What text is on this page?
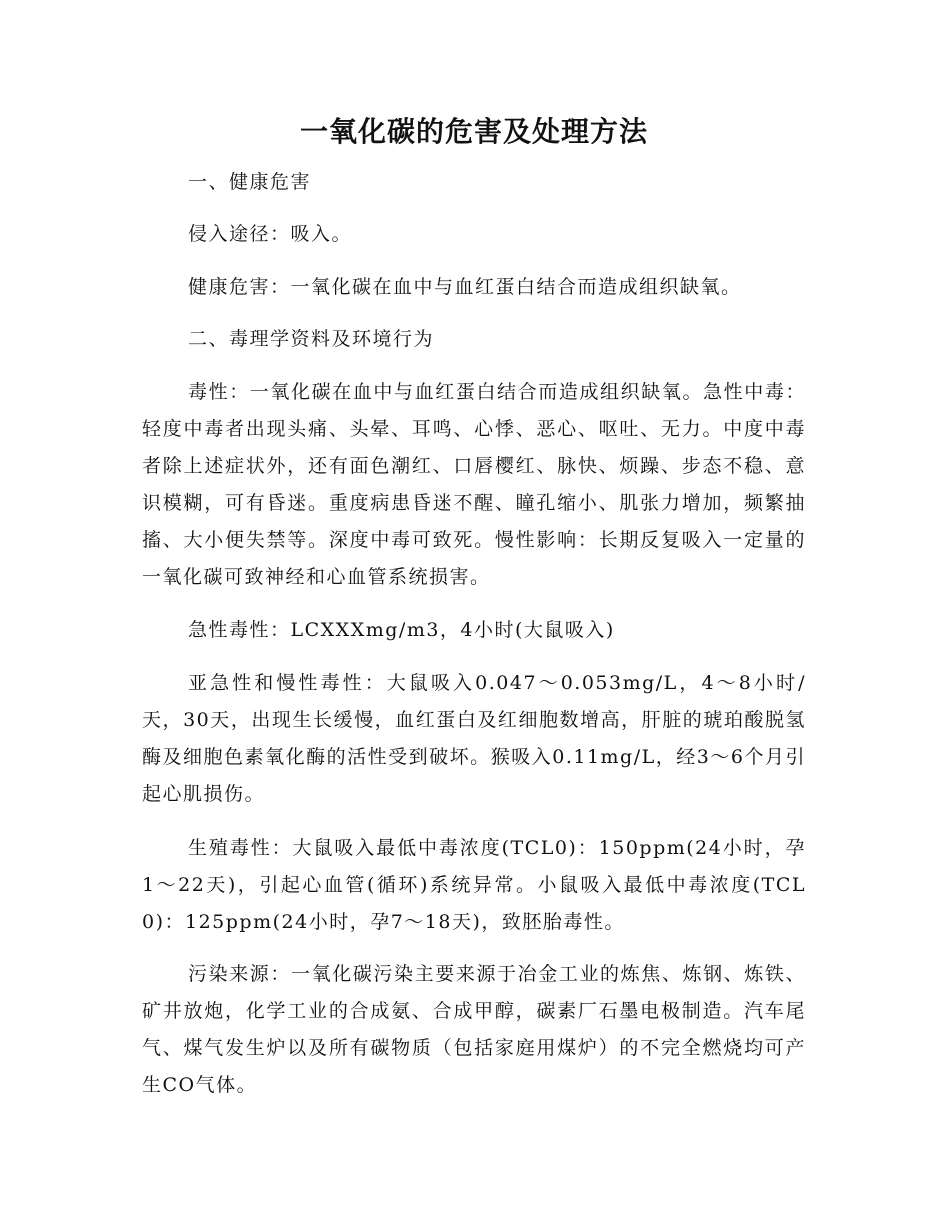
一氧化碳的危害及处理方法

一、健康危害

侵入途径：吸入。

健康危害：一氧化碳在血中与血红蛋白结合而造成组织缺氧。

二、毒理学资料及环境行为

毒性：一氧化碳在血中与血红蛋白结合而造成组织缺氧。急性中毒：轻度中毒者出现头痛、头晕、耳鸣、心悸、恶心、呕吐、无力。中度中毒者除上述症状外，还有面色潮红、口唇樱红、脉快、烦躁、步态不稳、意识模糊，可有昏迷。重度病患昏迷不醒、瞳孔缩小、肌张力增加，频繁抽搐、大小便失禁等。深度中毒可致死。慢性影响：长期反复吸入一定量的一氧化碳可致神经和心血管系统损害。

急性毒性：LCXXXmg/m3，4小时(大鼠吸入)

亚急性和慢性毒性：大鼠吸入0.047～0.053mg/L，4～8小时/天，30天，出现生长缓慢，血红蛋白及红细胞数增高，肝脏的琥珀酸脱氢酶及细胞色素氧化酶的活性受到破坏。猴吸入0.11mg/L，经3～6个月引起心肌损伤。

生殖毒性：大鼠吸入最低中毒浓度(TCL0)：150ppm(24小时，孕1～22天)，引起心血管(循环)系统异常。小鼠吸入最低中毒浓度(TCL0)：125ppm(24小时，孕7～18天)，致胚胎毒性。

污染来源：一氧化碳污染主要来源于冶金工业的炼焦、炼钢、炼铁、矿井放炮，化学工业的合成氨、合成甲醇，碳素厂石墨电极制造。汽车尾气、煤气发生炉以及所有碳物质（包括家庭用煤炉）的不完全燃烧均可产生CO气体。
